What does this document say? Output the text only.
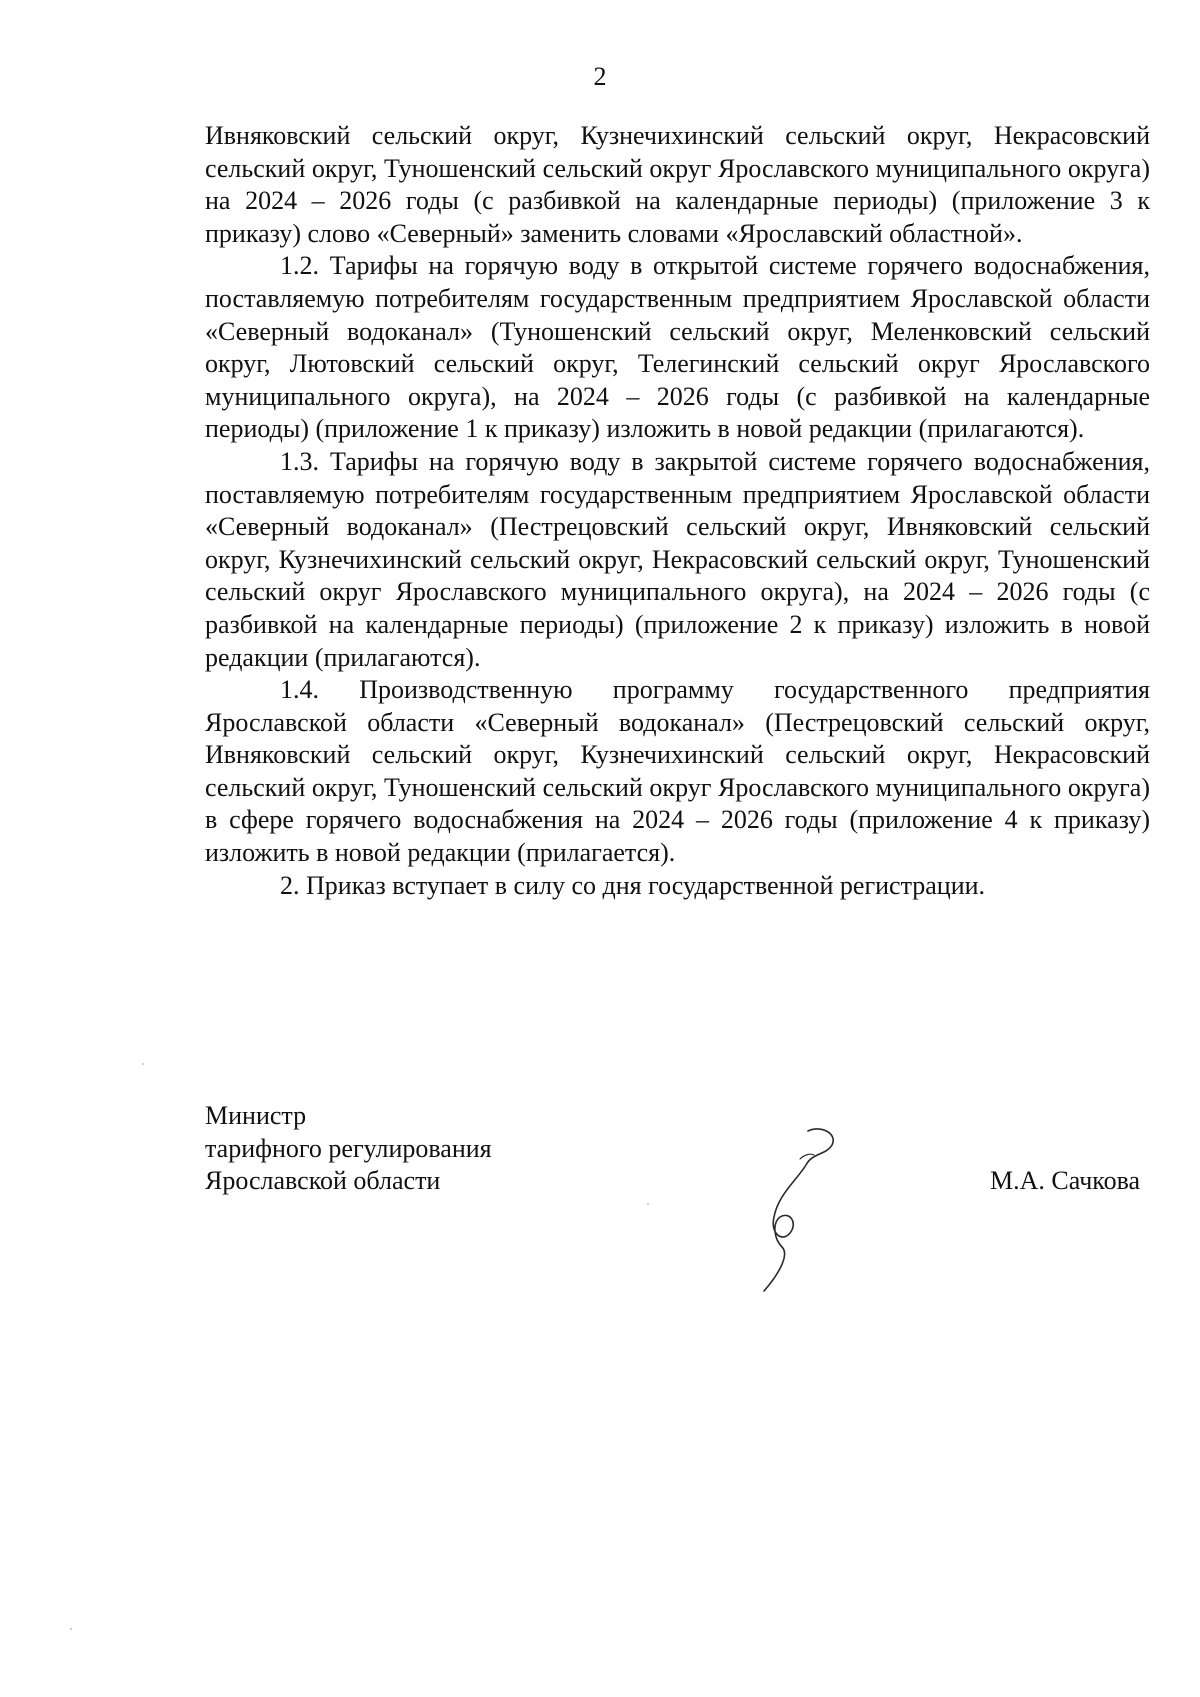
2

Ивняковский сельский округ, Кузнечихинский сельский округ, Некрасовский сельский округ, Туношенский сельский округ Ярославского муниципального округа) на 2024 – 2026 годы (с разбивкой на календарные периоды) (приложение 3 к приказу) слово «Северный» заменить словами «Ярославский областной».

1.2. Тарифы на горячую воду в открытой системе горячего водоснабжения, поставляемую потребителям государственным предприятием Ярославской области «Северный водоканал» (Туношенский сельский округ, Меленковский сельский округ, Лютовский сельский округ, Телегинский сельский округ Ярославского муниципального округа), на 2024 – 2026 годы (с разбивкой на календарные периоды) (приложение 1 к приказу) изложить в новой редакции (прилагаются).

1.3. Тарифы на горячую воду в закрытой системе горячего водоснабжения, поставляемую потребителям государственным предприятием Ярославской области «Северный водоканал» (Пестрецовский сельский округ, Ивняковский сельский округ, Кузнечихинский сельский округ, Некрасовский сельский округ, Туношенский сельский округ Ярославского муниципального округа), на 2024 – 2026 годы (с разбивкой на календарные периоды) (приложение 2 к приказу) изложить в новой редакции (прилагаются).

1.4. Производственную программу государственного предприятия Ярославской области «Северный водоканал» (Пестрецовский сельский округ, Ивняковский сельский округ, Кузнечихинский сельский округ, Некрасовский сельский округ, Туношенский сельский округ Ярославского муниципального округа) в сфере горячего водоснабжения на 2024 – 2026 годы (приложение 4 к приказу) изложить в новой редакции (прилагается).

2. Приказ вступает в силу со дня государственной регистрации.

Министр
тарифного регулирования
Ярославской области	М.А. Сачкова
